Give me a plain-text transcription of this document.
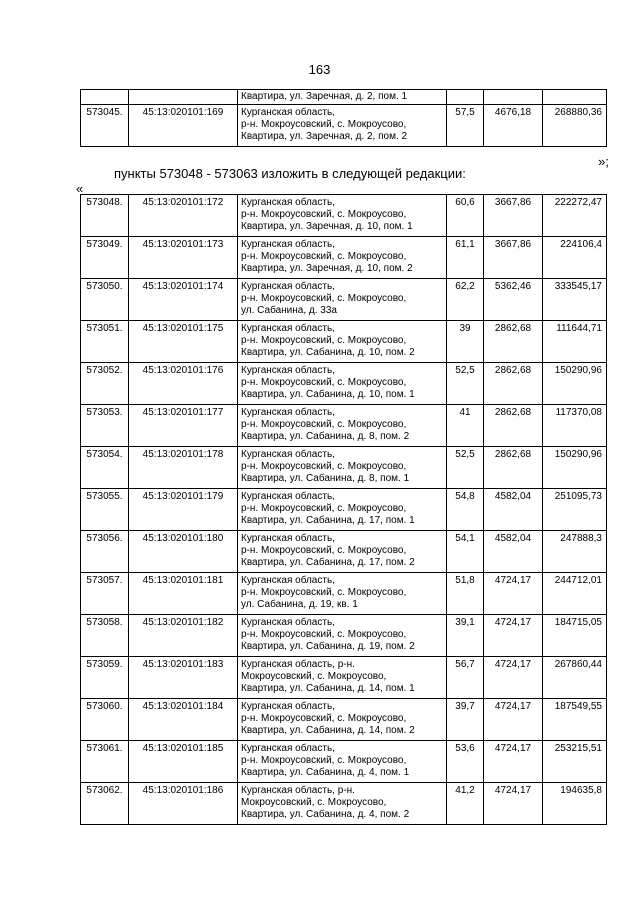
163
		Квартира, ул. Заречная, д. 2, пом. 1			
573045.	45:13:020101:169	Курганская область,
р-н. Мокроусовский, с. Мокроусово,
Квартира, ул. Заречная, д. 2, пом. 2	57,5	4676,18	268880,36
»;
пункты 573048 - 573063 изложить в следующей редакции:
«
573048.	45:13:020101:172	Курганская область,
р-н. Мокроусовский, с. Мокроусово,
Квартира, ул. Заречная, д. 10, пом. 1	60,6	3667,86	222272,47
573049.	45:13:020101:173	Курганская область,
р-н. Мокроусовский, с. Мокроусово,
Квартира, ул. Заречная, д. 10, пом. 2	61,1	3667,86	224106,4
573050.	45:13:020101:174	Курганская область,
р-н. Мокроусовский, с. Мокроусово,
ул. Сабанина, д. 33а	62,2	5362,46	333545,17
573051.	45:13:020101:175	Курганская область,
р-н. Мокроусовский, с. Мокроусово,
Квартира, ул. Сабанина, д. 10, пом. 2	39	2862,68	111644,71
573052.	45:13:020101:176	Курганская область,
р-н. Мокроусовский, с. Мокроусово,
Квартира, ул. Сабанина, д. 10, пом. 1	52,5	2862,68	150290,96
573053.	45:13:020101:177	Курганская область,
р-н. Мокроусовский, с. Мокроусово,
Квартира, ул. Сабанина, д. 8, пом. 2	41	2862,68	117370,08
573054.	45:13:020101:178	Курганская область,
р-н. Мокроусовский, с. Мокроусово,
Квартира, ул. Сабанина, д. 8, пом. 1	52,5	2862,68	150290,96
573055.	45:13:020101:179	Курганская область,
р-н. Мокроусовский, с. Мокроусово,
Квартира, ул. Сабанина, д. 17, пом. 1	54,8	4582,04	251095,73
573056.	45:13:020101:180	Курганская область,
р-н. Мокроусовский, с. Мокроусово,
Квартира, ул. Сабанина, д. 17, пом. 2	54,1	4582,04	247888,3
573057.	45:13:020101:181	Курганская область,
р-н. Мокроусовский, с. Мокроусово,
ул. Сабанина, д. 19, кв. 1	51,8	4724,17	244712,01
573058.	45:13:020101:182	Курганская область,
р-н. Мокроусовский, с. Мокроусово,
Квартира, ул. Сабанина, д. 19, пом. 2	39,1	4724,17	184715,05
573059.	45:13:020101:183	Курганская область, р-н.
Мокроусовский, с. Мокроусово,
Квартира, ул. Сабанина, д. 14, пом. 1	56,7	4724,17	267860,44
573060.	45:13:020101:184	Курганская область,
р-н. Мокроусовский, с. Мокроусово,
Квартира, ул. Сабанина, д. 14, пом. 2	39,7	4724,17	187549,55
573061.	45:13:020101:185	Курганская область,
р-н. Мокроусовский, с. Мокроусово,
Квартира, ул. Сабанина, д. 4, пом. 1	53,6	4724,17	253215,51
573062.	45:13:020101:186	Курганская область, р-н.
Мокроусовский, с. Мокроусово,
Квартира, ул. Сабанина, д. 4, пом. 2	41,2	4724,17	194635,8
